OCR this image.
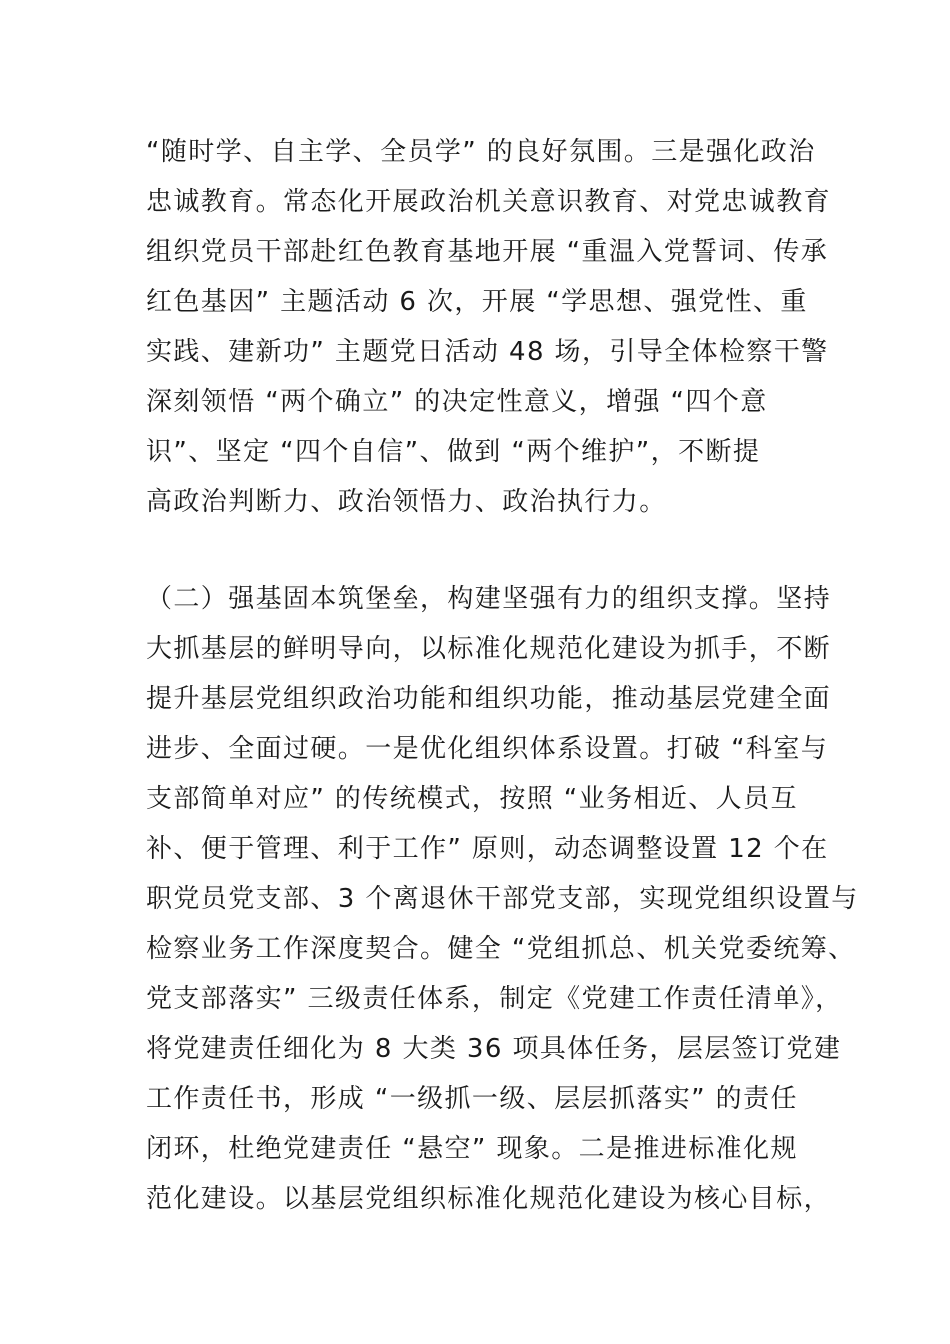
“随时学、自主学、全员学” 的良好氛围。三是强化政治
忠诚教育。常态化开展政治机关意识教育、对党忠诚教育
组织党员干部赴红色教育基地开展 “重温入党誓词、传承
红色基因” 主题活动 6 次，开展 “学思想、强党性、重
实践、建新功” 主题党日活动 48 场，引导全体检察干警
深刻领悟 “两个确立” 的决定性意义，增强 “四个意
识”、坚定 “四个自信”、做到 “两个维护”，不断提
高政治判断力、政治领悟力、政治执行力。
（二）强基固本筑堡垒，构建坚强有力的组织支撑。坚持
大抓基层的鲜明导向，以标准化规范化建设为抓手，不断
提升基层党组织政治功能和组织功能，推动基层党建全面
进步、全面过硬。一是优化组织体系设置。打破 “科室与
支部简单对应” 的传统模式，按照 “业务相近、人员互
补、便于管理、利于工作” 原则，动态调整设置 12 个在
职党员党支部、3 个离退休干部党支部，实现党组织设置与
检察业务工作深度契合。健全 “党组抓总、机关党委统筹、
党支部落实” 三级责任体系，制定《党建工作责任清单》，
将党建责任细化为 8 大类 36 项具体任务，层层签订党建
工作责任书，形成 “一级抓一级、层层抓落实” 的责任
闭环，杜绝党建责任 “悬空” 现象。二是推进标准化规
范化建设。以基层党组织标准化规范化建设为核心目标，
